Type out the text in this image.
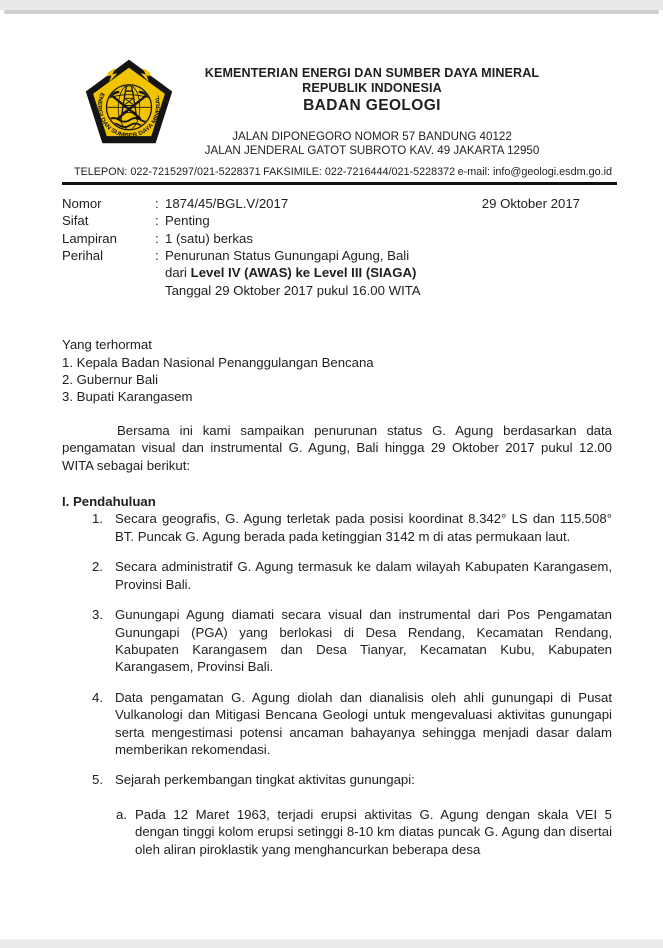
ENERGI DAN SUMBER DAYA MINERAL
KEMENTERIAN ENERGI DAN SUMBER DAYA MINERAL
REPUBLIK INDONESIA
BADAN GEOLOGI
JALAN DIPONEGORO NOMOR 57 BANDUNG 40122
JALAN JENDERAL GATOT SUBROTO KAV. 49 JAKARTA 12950
TELEPON: 022-7215297/021-5228371 FAKSIMILE: 022-7216444/021-5228372 e-mail: info@geologi.esdm.go.id
29 Oktober 2017
Nomor	: 1874/45/BGL.V/2017
Sifat	: Penting
Lampiran	: 1 (satu) berkas
Perihal	: Penurunan Status Gunungapi Agung, Bali
dari Level IV (AWAS) ke Level III (SIAGA)
Tanggal 29 Oktober 2017 pukul 16.00 WITA
Yang terhormat
1. Kepala Badan Nasional Penanggulangan Bencana
2. Gubernur Bali
3. Bupati Karangasem
Bersama ini kami sampaikan penurunan status G. Agung berdasarkan data pengamatan visual dan instrumental G. Agung, Bali hingga 29 Oktober 2017 pukul 12.00 WITA sebagai berikut:
I. Pendahuluan
1. Secara geografis, G. Agung terletak pada posisi koordinat 8.342° LS dan 115.508° BT. Puncak G. Agung berada pada ketinggian 3142 m di atas permukaan laut.
2. Secara administratif G. Agung termasuk ke dalam wilayah Kabupaten Karangasem, Provinsi Bali.
3. Gunungapi Agung diamati secara visual dan instrumental dari Pos Pengamatan Gunungapi (PGA) yang berlokasi di Desa Rendang, Kecamatan Rendang, Kabupaten Karangasem dan Desa Tianyar, Kecamatan Kubu, Kabupaten Karangasem, Provinsi Bali.
4. Data pengamatan G. Agung diolah dan dianalisis oleh ahli gunungapi di Pusat Vulkanologi dan Mitigasi Bencana Geologi untuk mengevaluasi aktivitas gunungapi serta mengestimasi potensi ancaman bahayanya sehingga menjadi dasar dalam memberikan rekomendasi.
5. Sejarah perkembangan tingkat aktivitas gunungapi:
a. Pada 12 Maret 1963, terjadi erupsi aktivitas G. Agung dengan skala VEI 5 dengan tinggi kolom erupsi setinggi 8-10 km diatas puncak G. Agung dan disertai oleh aliran piroklastik yang menghancurkan beberapa desa
